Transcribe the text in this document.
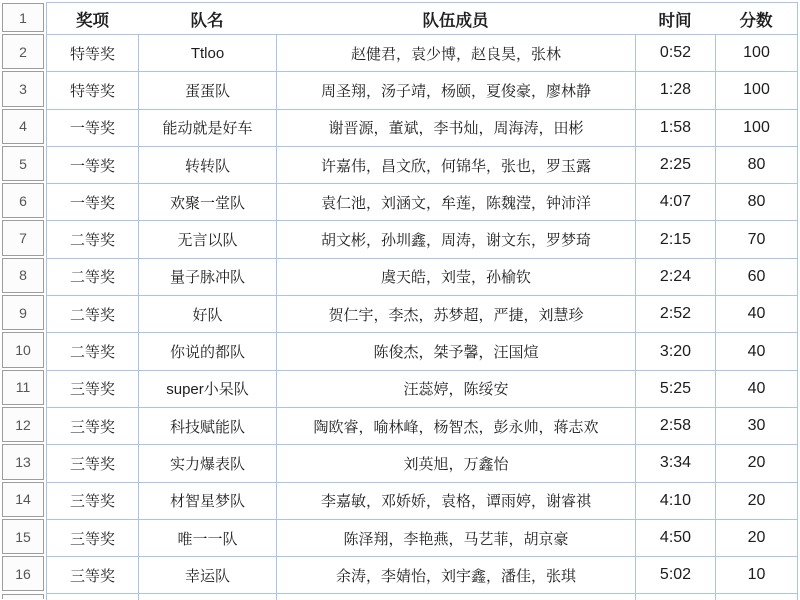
1
2
3
4
5
6
7
8
9
10
11
12
13
14
15
16
奖项	队名	队伍成员	时间	分数
特等奖	Ttloo	赵健君，袁少博，赵良昊，张林	0:52	100
特等奖	蛋蛋队	周圣翔，汤子靖，杨颐，夏俊豪，廖林静	1:28	100
一等奖	能动就是好车	谢晋源，董斌，李书灿，周海涛，田彬	1:58	100
一等奖	转转队	许嘉伟，昌文欣，何锦华，张也，罗玉露	2:25	80
一等奖	欢聚一堂队	袁仁池，刘涵文，牟莲，陈魏滢，钟沛洋	4:07	80
二等奖	无言以队	胡文彬，孙圳鑫，周涛，谢文东，罗梦琦	2:15	70
二等奖	量子脉冲队	虞天皓，刘莹，孙榆钦	2:24	60
二等奖	好队	贺仁宇，李杰，苏梦超，严捷，刘慧珍	2:52	40
二等奖	你说的都队	陈俊杰，桀予馨，汪国煊	3:20	40
三等奖	super小呆队	汪蕊婷，陈绥安	5:25	40
三等奖	科技赋能队	陶欧睿，喻林峰，杨智杰，彭永帅，蒋志欢	2:58	30
三等奖	实力爆表队	刘英旭，万鑫怡	3:34	20
三等奖	材智星梦队	李嘉敏，邓娇娇，袁格，谭雨婷，谢睿祺	4:10	20
三等奖	唯一一队	陈泽翔，李艳燕，马艺菲，胡京豪	4:50	20
三等奖	幸运队	余涛，李婧怡，刘宇鑫，潘佳，张琪	5:02	10
